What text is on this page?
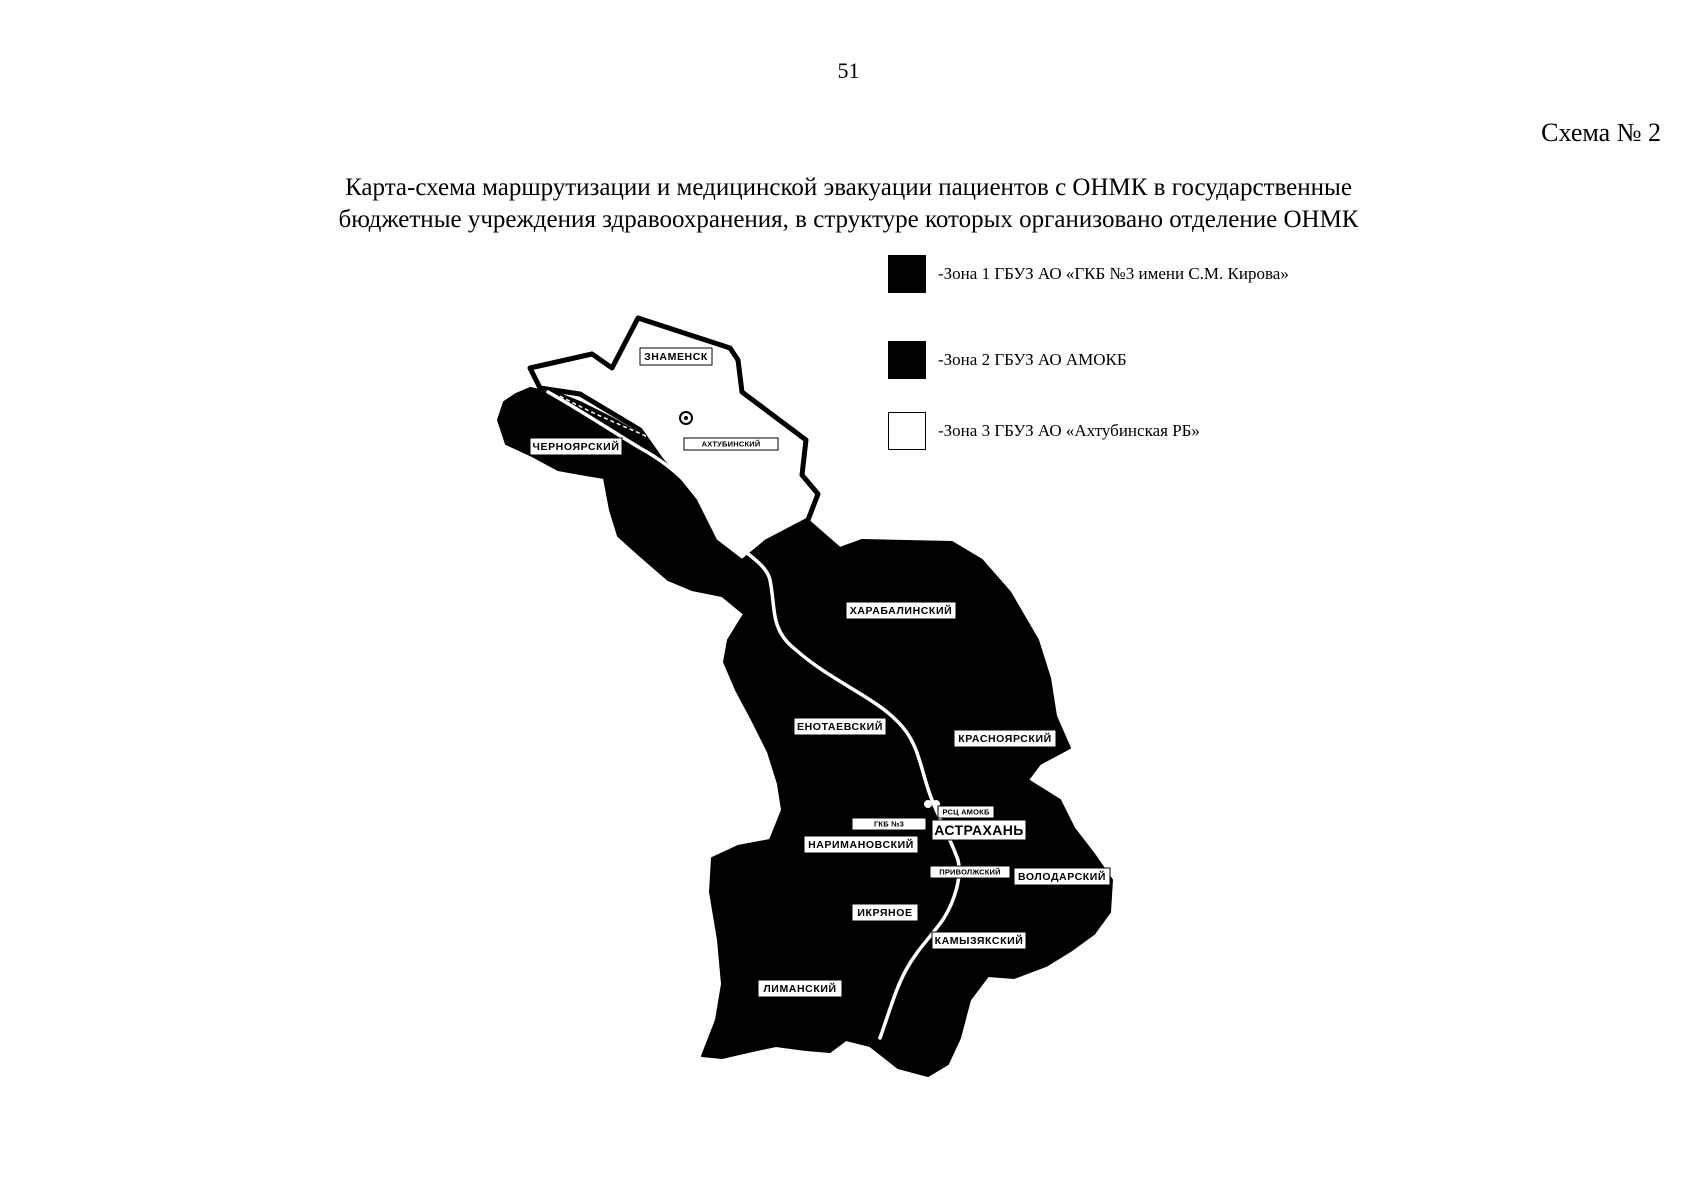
51
Схема № 2
Карта-схема маршрутизации и медицинской эвакуации пациентов с ОНМК в государственные
бюджетные учреждения здравоохранения, в структуре которых организовано отделение ОНМК
-Зона 1 ГБУЗ АО «ГКБ №3 имени С.М. Кирова»
-Зона 2 ГБУЗ АО АМОКБ
-Зона 3 ГБУЗ АО «Ахтубинская РБ»
ЗНАМЕНСК
АХТУБИНСКИЙ
ЧЕРНОЯРСКИЙ
ХАРАБАЛИНСКИЙ
ЕНОТАЕВСКИЙ
КРАСНОЯРСКИЙ
ГКБ №3
РСЦ АМОКБ
АСТРАХАНЬ
НАРИМАНОВСКИЙ
ПРИВОЛЖСКИЙ ВОЛОДАРСКИЙ
ИКРЯНОЕ
КАМЫЗЯКСКИЙ
ЛИМАНСКИЙ
